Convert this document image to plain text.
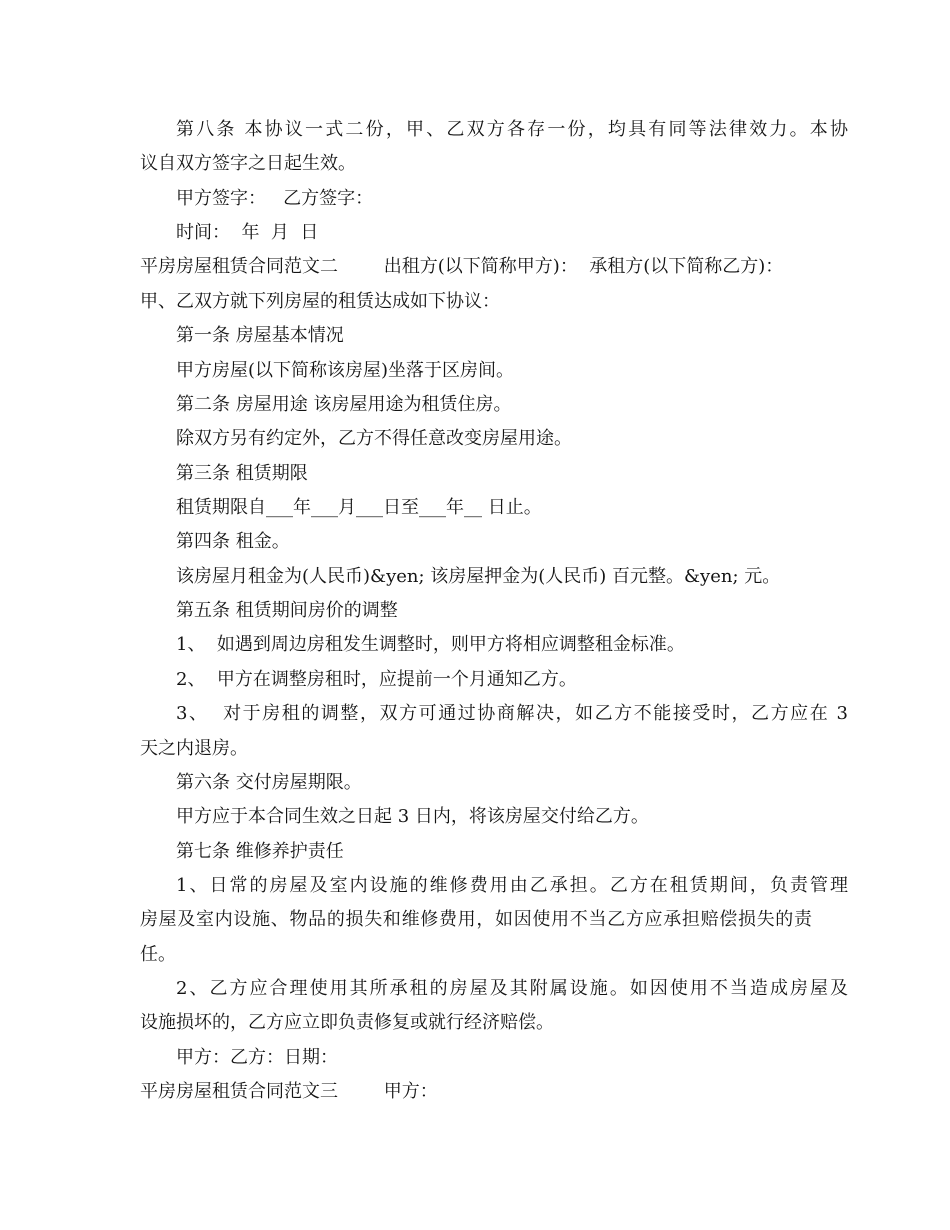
第八条 本协议一式二份，甲、乙双方各存一份，均具有同等法律效力。本协
议自双方签字之日起生效。
甲方签字：   乙方签字：
时间：  年  月  日
平房房屋租赁合同范文二        出租方(以下简称甲方)：  承租方(以下简称乙方)：
甲、乙双方就下列房屋的租赁达成如下协议：
第一条 房屋基本情况
甲方房屋(以下简称该房屋)坐落于区房间。
第二条 房屋用途 该房屋用途为租赁住房。
除双方另有约定外，乙方不得任意改变房屋用途。
第三条 租赁期限
租赁期限自___年___月___日至___年__ 日止。
第四条 租金。
该房屋月租金为(人民币)&yen; 该房屋押金为(人民币) 百元整。&yen; 元。
第五条 租赁期间房价的调整
1、  如遇到周边房租发生调整时，则甲方将相应调整租金标准。
2、  甲方在调整房租时，应提前一个月通知乙方。
3、  对于房租的调整，双方可通过协商解决，如乙方不能接受时，乙方应在 3
天之内退房。
第六条 交付房屋期限。
甲方应于本合同生效之日起 3 日内，将该房屋交付给乙方。
第七条 维修养护责任
1、日常的房屋及室内设施的维修费用由乙承担。乙方在租赁期间，负责管理
房屋及室内设施、物品的损失和维修费用，如因使用不当乙方应承担赔偿损失的责
任。
2、乙方应合理使用其所承租的房屋及其附属设施。如因使用不当造成房屋及
设施损坏的，乙方应立即负责修复或就行经济赔偿。
甲方：乙方：日期：
平房房屋租赁合同范文三        甲方：
